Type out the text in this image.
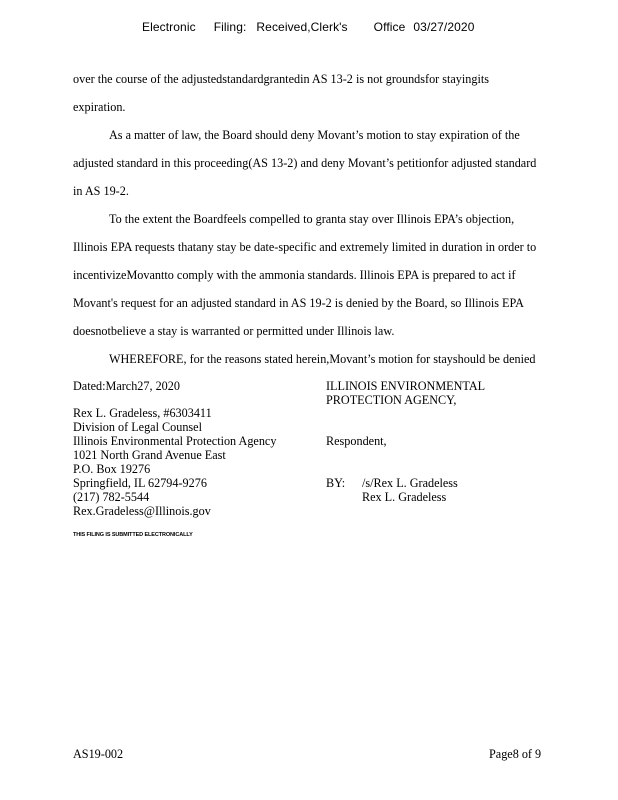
Electronic Filing: Received,Clerk's Office 03/27/2020
over the course of the adjustedstandardgrantedin AS 13-2 is not groundsfor stayingits
expiration.
As a matter of law, the Board should deny Movant’s motion to stay expiration of the
adjusted standard in this proceeding(AS 13-2) and deny Movant’s petitionfor adjusted standard
in AS 19-2.
To the extent the Boardfeels compelled to granta stay over Illinois EPA’s objection,
Illinois EPA requests thatany stay be date-specific and extremely limited in duration in order to
incentivizeMovantto comply with the ammonia standards. Illinois EPA is prepared to act if
Movant's request for an adjusted standard in AS 19-2 is denied by the Board, so Illinois EPA
doesnotbelieve a stay is warranted or permitted under Illinois law.
WHEREFORE, for the reasons stated herein,Movant’s motion for stayshould be denied
Dated:March27, 2020	ILLINOIS ENVIRONMENTAL
PROTECTION AGENCY,
Rex L. Gradeless, #6303411
Division of Legal Counsel
Illinois Environmental Protection Agency	Respondent,
1021 North Grand Avenue East
P.O. Box 19276
Springfield, IL 62794-9276	BY: /s/Rex L. Gradeless
(217) 782-5544	Rex L. Gradeless
Rex.Gradeless@Illinois.gov
THIS FILING IS SUBMITTED ELECTRONICALLY
AS19-002	Page8 of 9
